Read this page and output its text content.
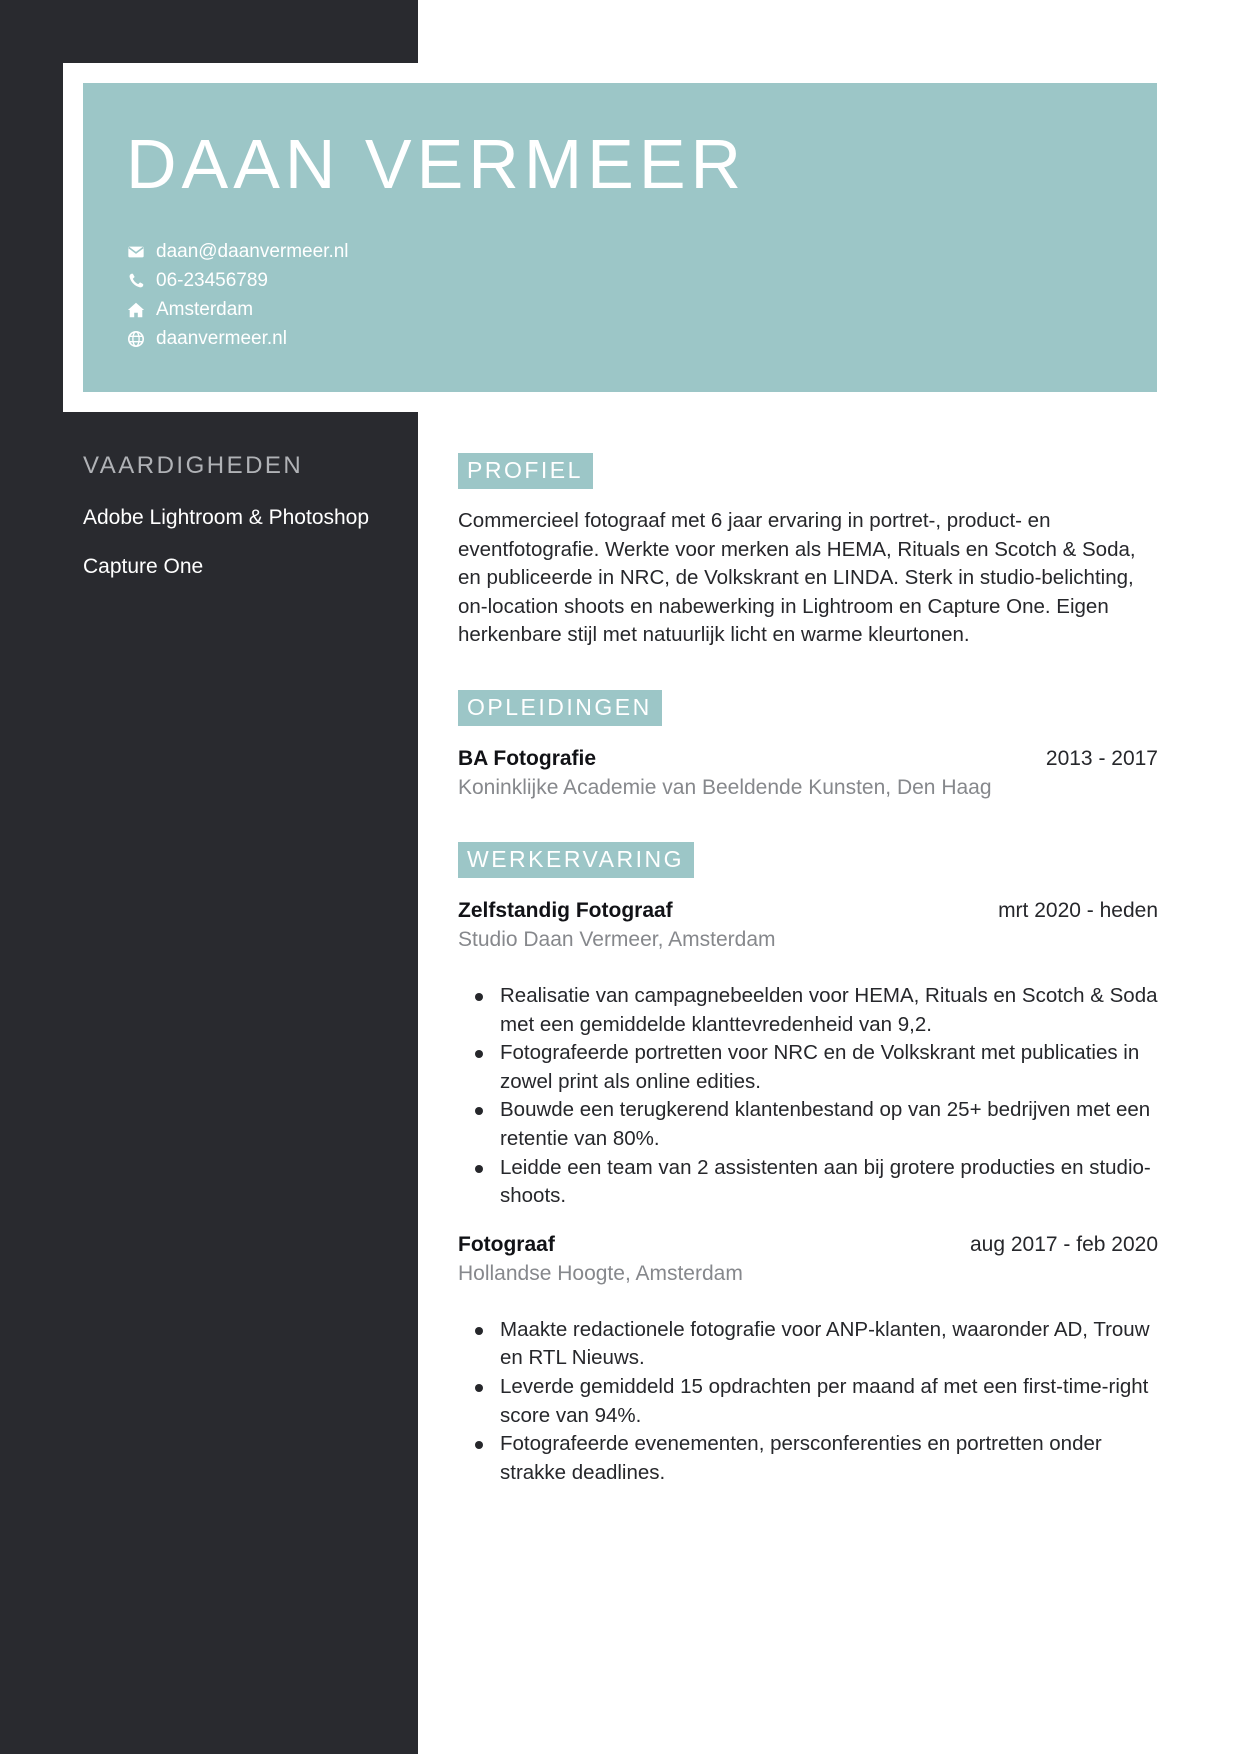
DAAN VERMEER
daan@daanvermeer.nl
06-23456789
Amsterdam
daanvermeer.nl
VAARDIGHEDEN
Adobe Lightroom & Photoshop
Capture One
PROFIEL

Commercieel fotograaf met 6 jaar ervaring in portret-, product- en eventfotografie. Werkte voor merken als HEMA, Rituals en Scotch & Soda, en publiceerde in NRC, de Volkskrant en LINDA. Sterk in studio-belichting, on-location shoots en nabewerking in Lightroom en Capture One. Eigen herkenbare stijl met natuurlijk licht en warme kleurtonen.

OPLEIDINGEN
BA Fotografie	2013 - 2017
Koninklijke Academie van Beeldende Kunsten, Den Haag
WERKERVARING
Zelfstandig Fotograaf	mrt 2020 - heden
Studio Daan Vermeer, Amsterdam
Realisatie van campagnebeelden voor HEMA, Rituals en Scotch & Soda met een gemiddelde klanttevredenheid van 9,2.
Fotografeerde portretten voor NRC en de Volkskrant met publicaties in zowel print als online edities.
Bouwde een terugkerend klantenbestand op van 25+ bedrijven met een retentie van 80%.
Leidde een team van 2 assistenten aan bij grotere producties en studio-shoots.
Fotograaf	aug 2017 - feb 2020
Hollandse Hoogte, Amsterdam
Maakte redactionele fotografie voor ANP-klanten, waaronder AD, Trouw en RTL Nieuws.
Leverde gemiddeld 15 opdrachten per maand af met een first-time-right score van 94%.
Fotografeerde evenementen, persconferenties en portretten onder strakke deadlines.
